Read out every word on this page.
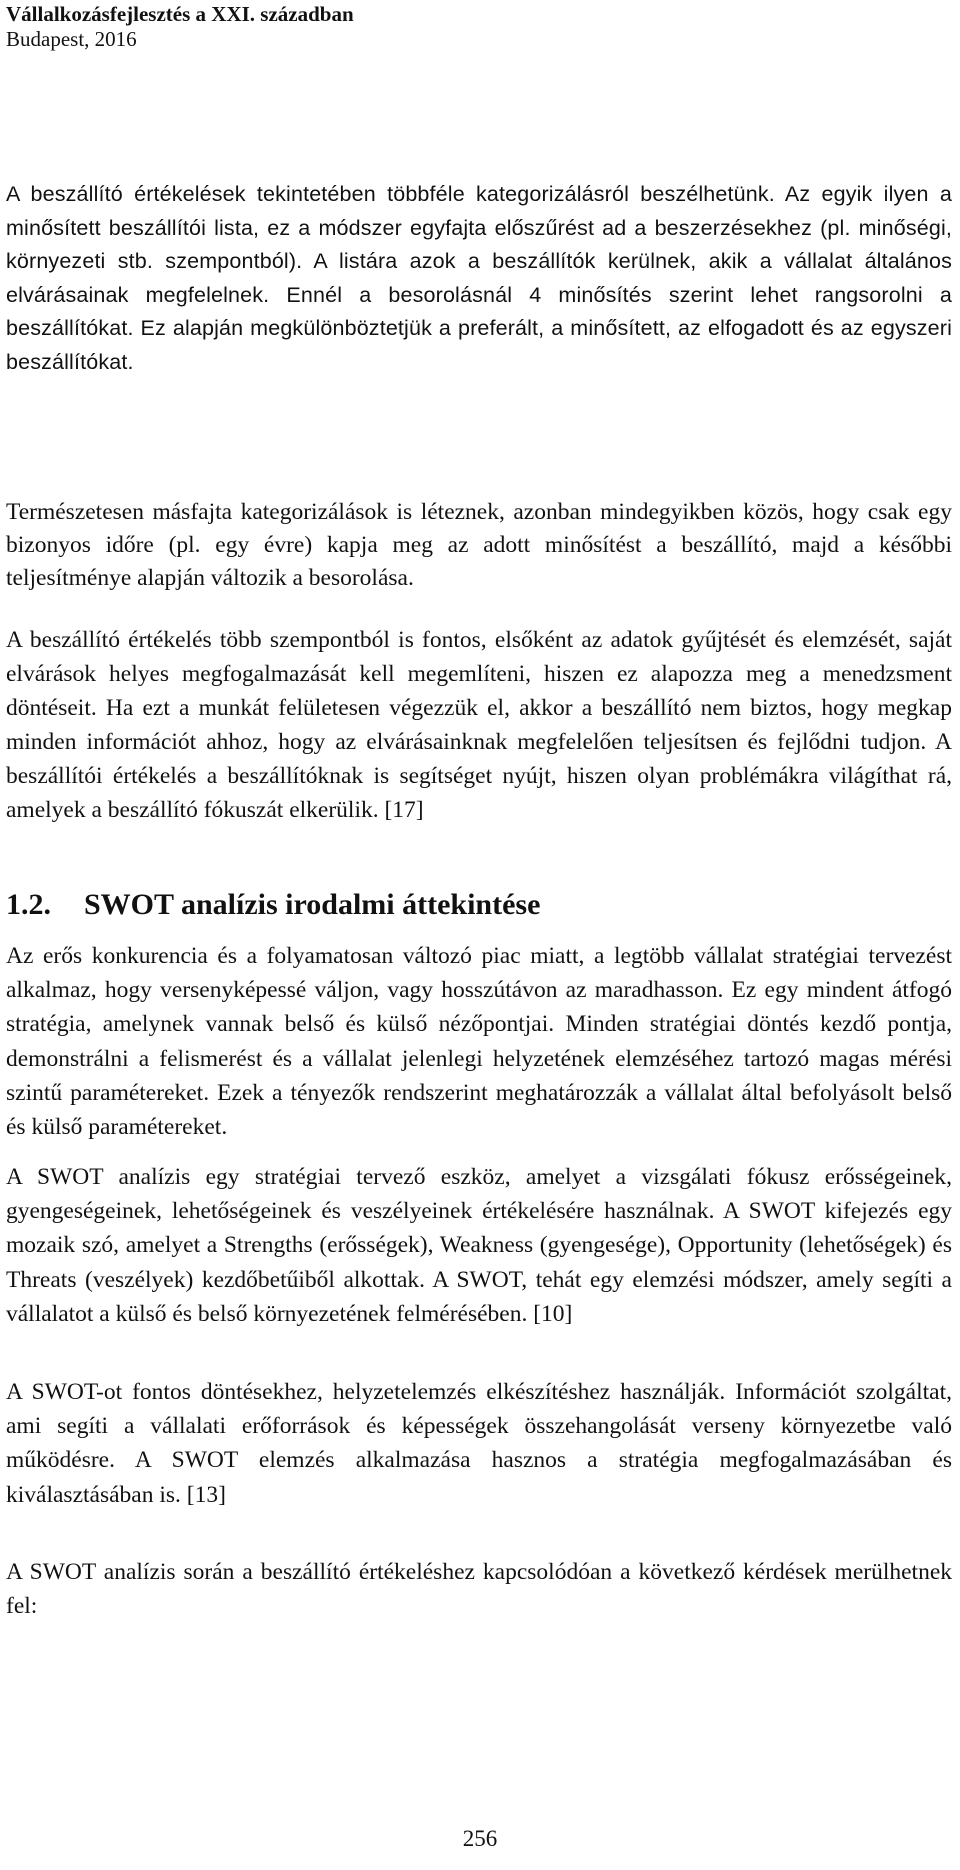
Vállalkozásfejlesztés a XXI. században
Budapest, 2016

A beszállító értékelések tekintetében többféle kategorizálásról beszélhetünk. Az egyik ilyen a minősített beszállítói lista, ez a módszer egyfajta előszűrést ad a beszerzésekhez (pl. minőségi, környezeti stb. szempontból). A listára azok a beszállítók kerülnek, akik a vállalat általános elvárásainak megfelelnek. Ennél a besorolásnál 4 minősítés szerint lehet rangsorolni a beszállítókat. Ez alapján megkülönböztetjük a preferált, a minősített, az elfogadott és az egyszeri beszállítókat.

Természetesen másfajta kategorizálások is léteznek, azonban mindegyikben közös, hogy csak egy bizonyos időre (pl. egy évre) kapja meg az adott minősítést a beszállító, majd a későbbi teljesítménye alapján változik a besorolása.

A beszállító értékelés több szempontból is fontos, elsőként az adatok gyűjtését és elemzését, saját elvárások helyes megfogalmazását kell megemlíteni, hiszen ez alapozza meg a menedzsment döntéseit. Ha ezt a munkát felületesen végezzük el, akkor a beszállító nem biztos, hogy megkap minden információt ahhoz, hogy az elvárásainknak megfelelően teljesítsen és fejlődni tudjon. A beszállítói értékelés a beszállítóknak is segítséget nyújt, hiszen olyan problémákra világíthat rá, amelyek a beszállító fókuszát elkerülik. [17]

1.2. SWOT analízis irodalmi áttekintése

Az erős konkurencia és a folyamatosan változó piac miatt, a legtöbb vállalat stratégiai tervezést alkalmaz, hogy versenyképessé váljon, vagy hosszútávon az maradhasson. Ez egy mindent átfogó stratégia, amelynek vannak belső és külső nézőpontjai. Minden stratégiai döntés kezdő pontja, demonstrálni a felismerést és a vállalat jelenlegi helyzetének elemzéséhez tartozó magas mérési szintű paramétereket. Ezek a tényezők rendszerint meghatározzák a vállalat által befolyásolt belső és külső paramétereket.

A SWOT analízis egy stratégiai tervező eszköz, amelyet a vizsgálati fókusz erősségeinek, gyengeségeinek, lehetőségeinek és veszélyeinek értékelésére használnak. A SWOT kifejezés egy mozaik szó, amelyet a Strengths (erősségek), Weakness (gyengesége), Opportunity (lehetőségek) és Threats (veszélyek) kezdőbetűiből alkottak. A SWOT, tehát egy elemzési módszer, amely segíti a vállalatot a külső és belső környezetének felmérésében. [10]

A SWOT-ot fontos döntésekhez, helyzetelemzés elkészítéshez használják. Információt szolgáltat, ami segíti a vállalati erőforrások és képességek összehangolását verseny környezetbe való működésre. A SWOT elemzés alkalmazása hasznos a stratégia megfogalmazásában és kiválasztásában is. [13]

A SWOT analízis során a beszállító értékeléshez kapcsolódóan a következő kérdések merülhetnek fel:

256
